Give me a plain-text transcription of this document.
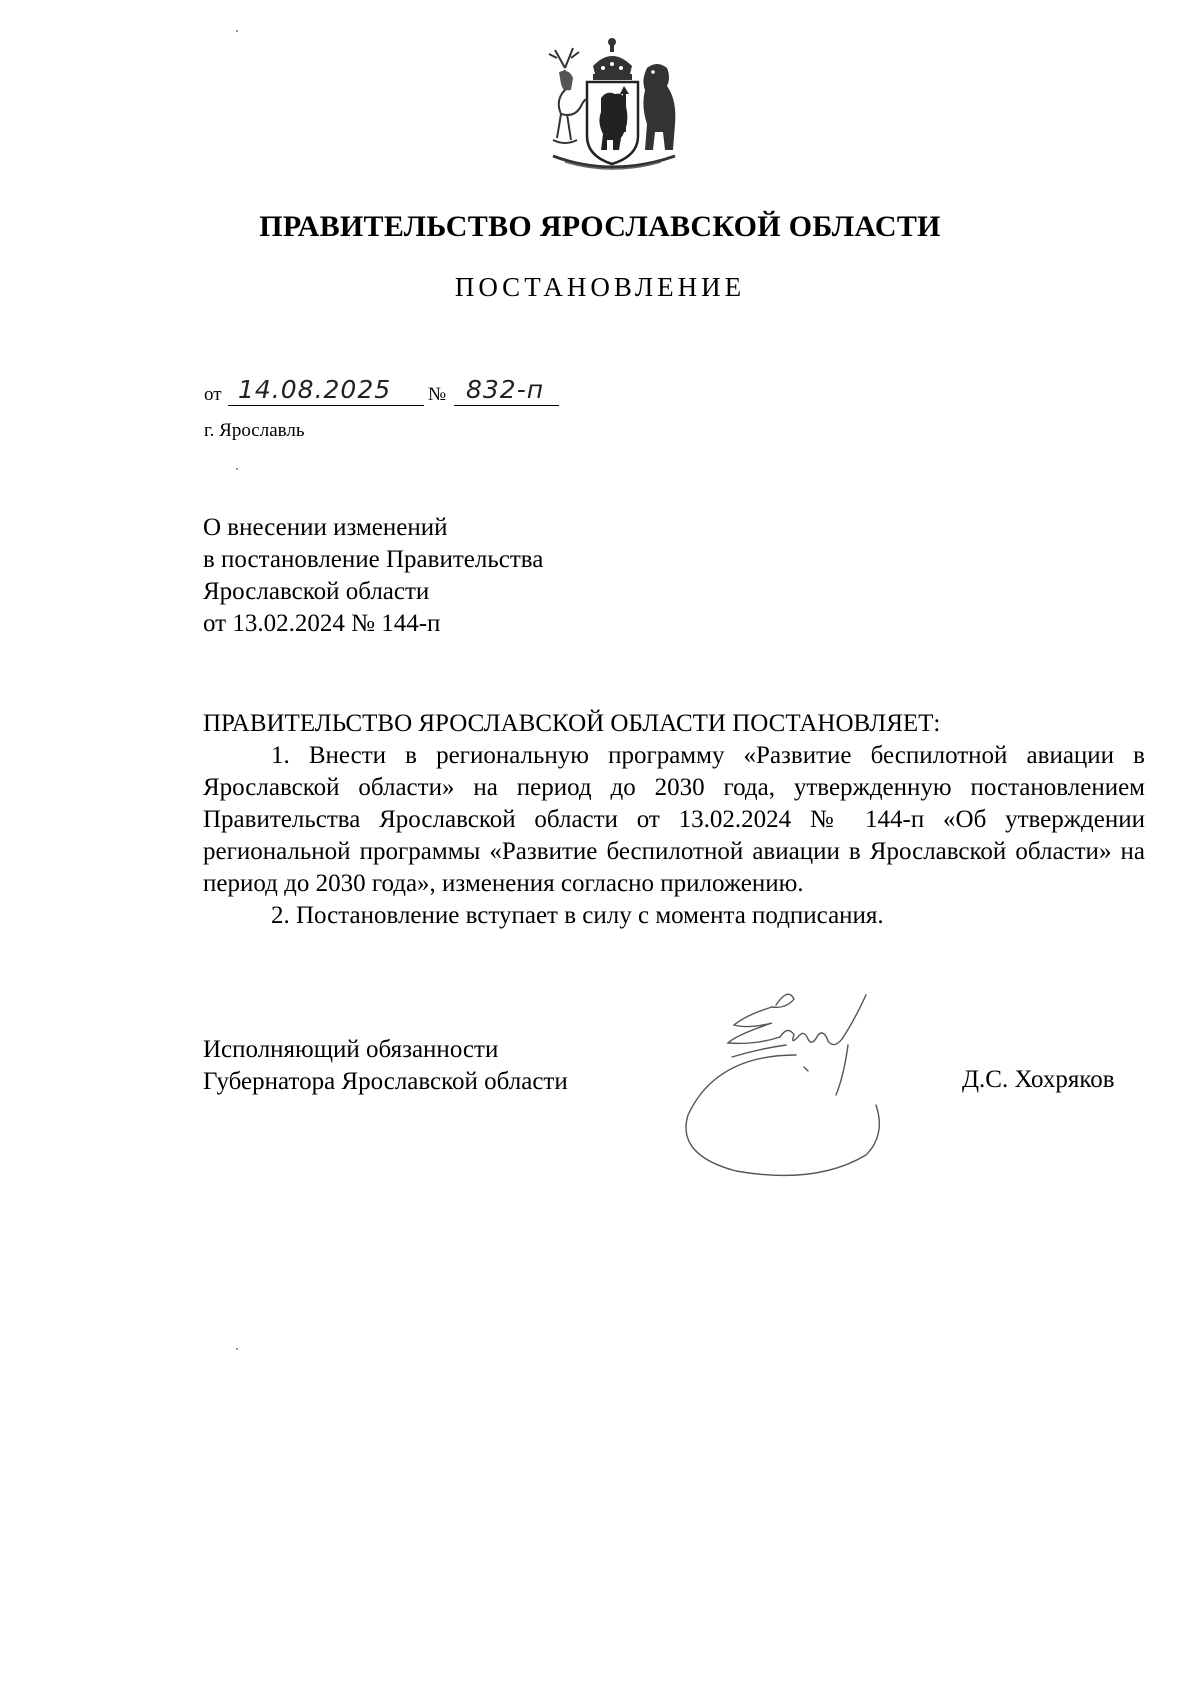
ПРАВИТЕЛЬСТВО ЯРОСЛАВСКОЙ ОБЛАСТИ
ПОСТАНОВЛЕНИЕ
от 14.08.2025 № 832-п
г. Ярославль
О внесении изменений
в постановление Правительства
Ярославской области
от 13.02.2024 № 144-п
ПРАВИТЕЛЬСТВО ЯРОСЛАВСКОЙ ОБЛАСТИ ПОСТАНОВЛЯЕТ:

1. Внести в региональную программу «Развитие беспилотной авиации в Ярославской области» на период до 2030 года, утвержденную постановлением Правительства Ярославской области от 13.02.2024 № 144-п «Об утверждении региональной программы «Развитие беспилотной авиации в Ярославской области» на период до 2030 года», изменения согласно приложению.

2. Постановление вступает в силу с момента подписания.

Исполняющий обязанности
Губернатора Ярославской области	Д.С. Хохряков
